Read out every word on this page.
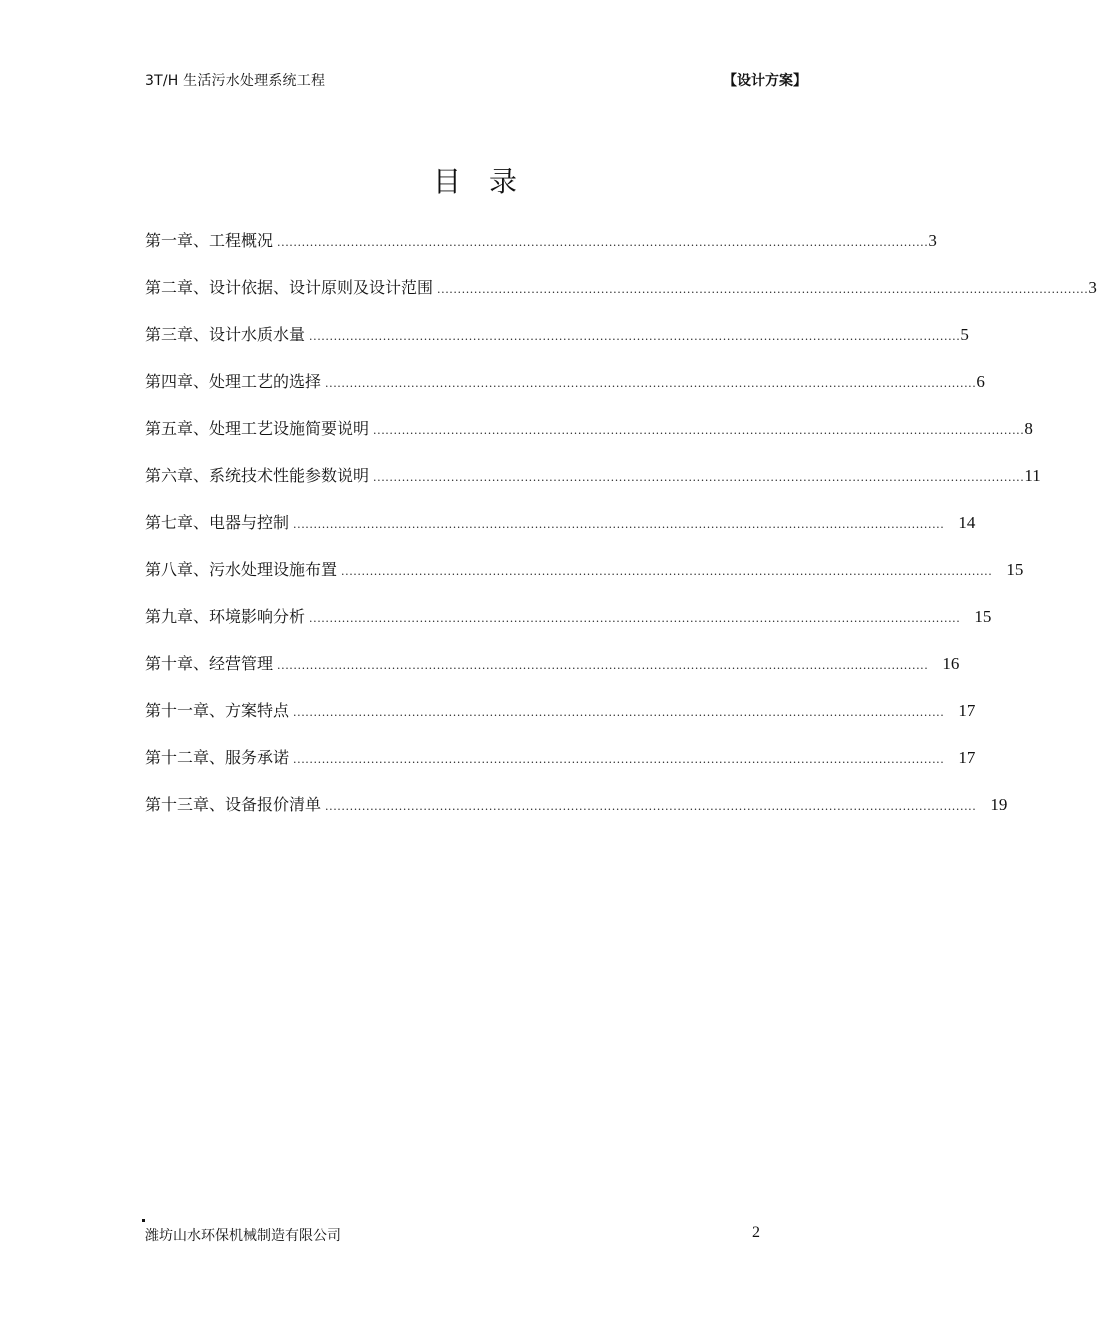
3T/H 生活污水处理系统工程	【设计方案】
目录
第一章、工程概况 ............................................................................................................................................................... 3
第二章、设计依据、设计原则及设计范围 ............................................................................................................................................................... 3
第三章、设计水质水量 ............................................................................................................................................................... 5
第四章、处理工艺的选择 ............................................................................................................................................................... 6
第五章、处理工艺设施简要说明 ............................................................................................................................................................... 8
第六章、系统技术性能参数说明 ............................................................................................................................................................... 11
第七章、电器与控制 ............................................................................................................................................................... 14
第八章、污水处理设施布置 ............................................................................................................................................................... 15
第九章、环境影响分析 ............................................................................................................................................................... 15
第十章、经营管理 ............................................................................................................................................................... 16
第十一章、方案特点 ............................................................................................................................................................... 17
第十二章、服务承诺 ............................................................................................................................................................... 17
第十三章、设备报价清单 ............................................................................................................................................................... 19
潍坊山水环保机械制造有限公司	2
